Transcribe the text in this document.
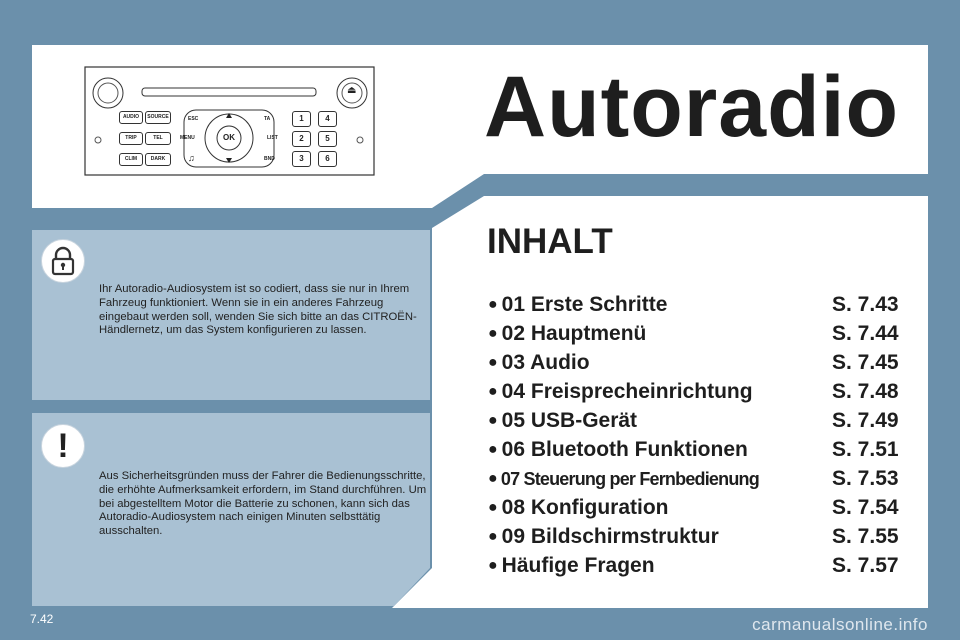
⏏
AUDIO	SOURCE
TRIP	TEL
CLIM	DARK
ESC	TA
MENU	LIST
BND
♫
OK
1	4
2	5
3	6
Autoradio
INHALT
● 01 Erste Schritte	S. 7.43
● 02 Hauptmenü	S. 7.44
● 03 Audio	S. 7.45
● 04 Freisprecheinrichtung	S. 7.48
● 05 USB-Gerät	S. 7.49
● 06 Bluetooth Funktionen	S. 7.51
● 07 Steuerung per Fernbedienung	S. 7.53
● 08 Konfiguration	S. 7.54
● 09 Bildschirmstruktur	S. 7.55
● Häufige Fragen	S. 7.57
Ihr Autoradio-Audiosystem ist so codiert, dass sie nur in Ihrem Fahrzeug funktioniert. Wenn sie in ein anderes Fahrzeug eingebaut werden soll, wenden Sie sich bitte an das CITROËN-Händlernetz, um das System konfigurieren zu lassen.
!
Aus Sicherheitsgründen muss der Fahrer die Bedienungsschritte, die erhöhte Aufmerksamkeit erfordern, im Stand durchführen. Um bei abgestelltem Motor die Batterie zu schonen, kann sich das Autoradio-Audiosystem nach einigen Minuten selbsttätig ausschalten.
7.42	carmanualsonline.info
